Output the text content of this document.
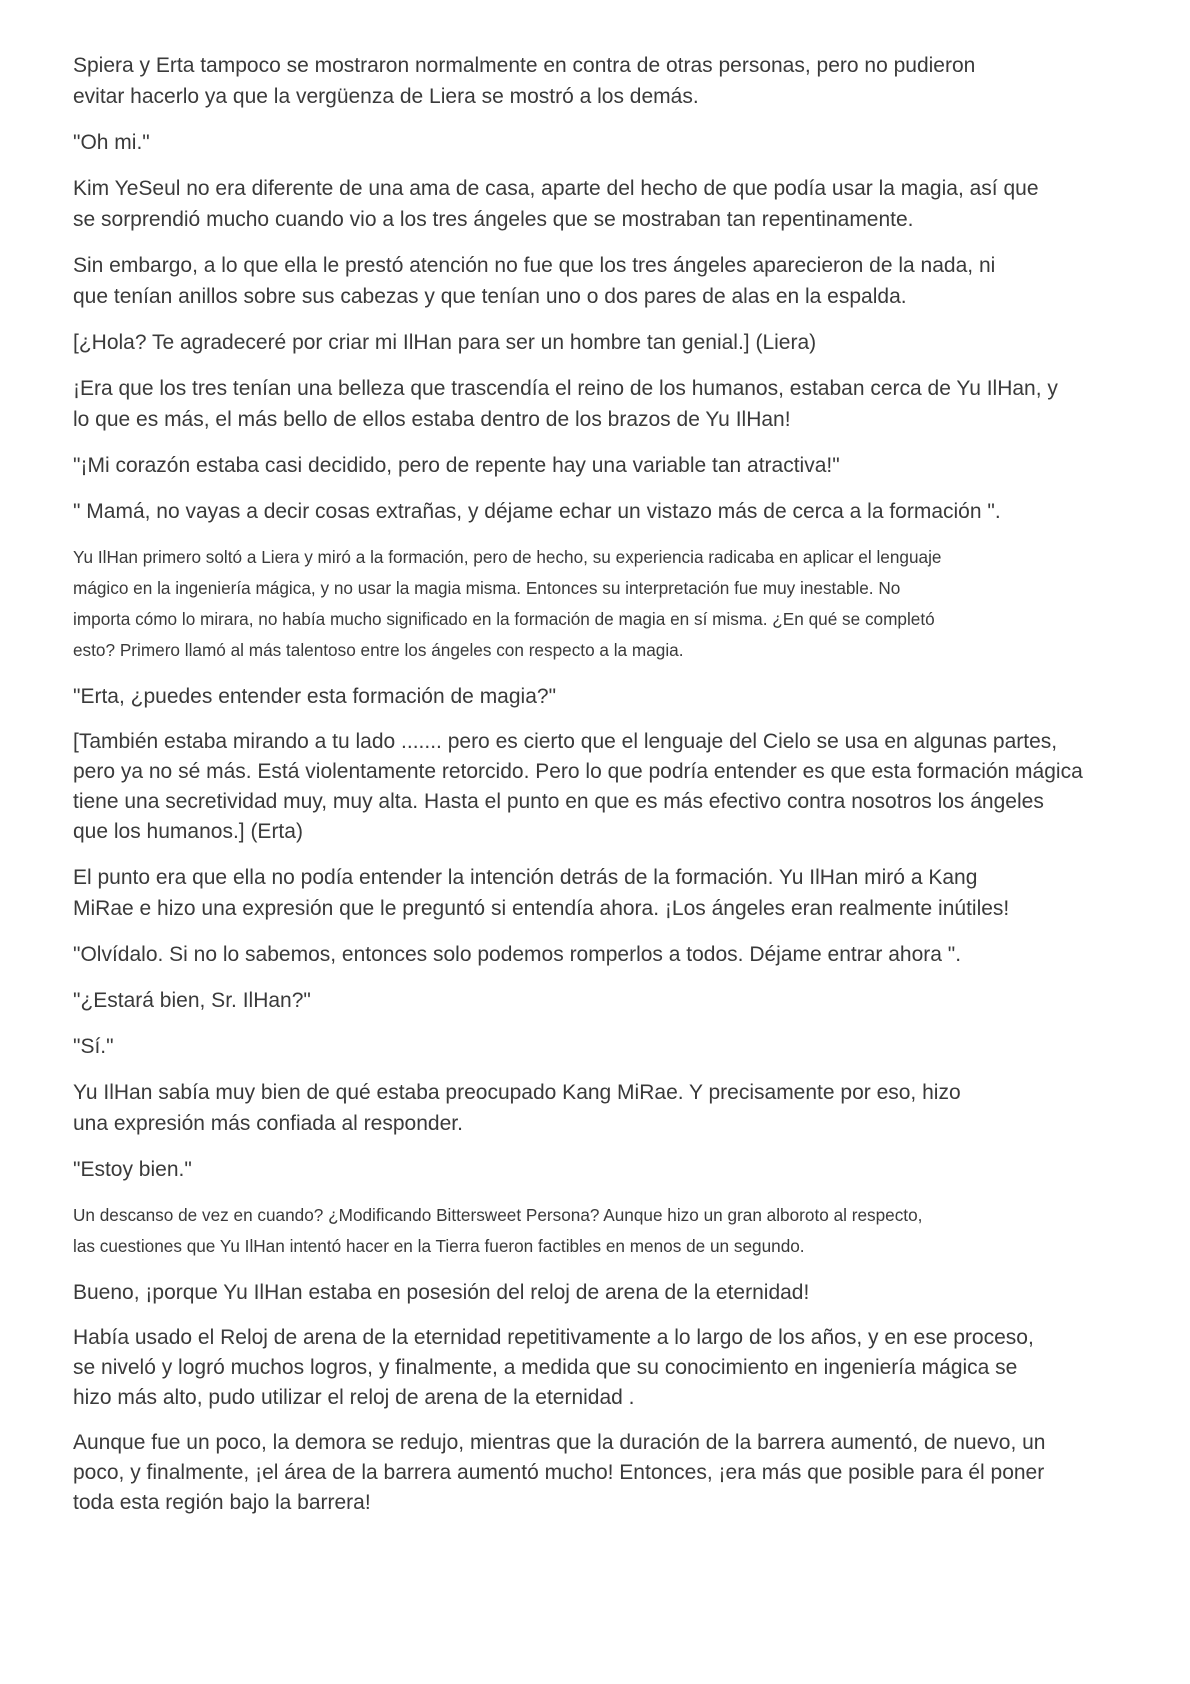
Spiera y Erta tampoco se mostraron normalmente en contra de otras personas, pero no pudieron
evitar hacerlo ya que la vergüenza de Liera se mostró a los demás.

"Oh mi."

Kim YeSeul no era diferente de una ama de casa, aparte del hecho de que podía usar la magia, así que
se sorprendió mucho cuando vio a los tres ángeles que se mostraban tan repentinamente.

Sin embargo, a lo que ella le prestó atención no fue que los tres ángeles aparecieron de la nada, ni
que tenían anillos sobre sus cabezas y que tenían uno o dos pares de alas en la espalda.

[¿Hola? Te agradeceré por criar mi IlHan para ser un hombre tan genial.] (Liera)

¡Era que los tres tenían una belleza que trascendía el reino de los humanos, estaban cerca de Yu IlHan, y
lo que es más, el más bello de ellos estaba dentro de los brazos de Yu IlHan!

"¡Mi corazón estaba casi decidido, pero de repente hay una variable tan atractiva!"

" Mamá, no vayas a decir cosas extrañas, y déjame echar un vistazo más de cerca a la formación ".

Yu IlHan primero soltó a Liera y miró a la formación, pero de hecho, su experiencia radicaba en aplicar el lenguaje
mágico en la ingeniería mágica, y no usar la magia misma. Entonces su interpretación fue muy inestable. No
importa cómo lo mirara, no había mucho significado en la formación de magia en sí misma. ¿En qué se completó
esto? Primero llamó al más talentoso entre los ángeles con respecto a la magia.

"Erta, ¿puedes entender esta formación de magia?"

[También estaba mirando a tu lado ....... pero es cierto que el lenguaje del Cielo se usa en algunas partes,
pero ya no sé más. Está violentamente retorcido. Pero lo que podría entender es que esta formación mágica
tiene una secretividad muy, muy alta. Hasta el punto en que es más efectivo contra nosotros los ángeles
que los humanos.] (Erta)

El punto era que ella no podía entender la intención detrás de la formación. Yu IlHan miró a Kang
MiRae e hizo una expresión que le preguntó si entendía ahora. ¡Los ángeles eran realmente inútiles!

"Olvídalo. Si no lo sabemos, entonces solo podemos romperlos a todos. Déjame entrar ahora ".

"¿Estará bien, Sr. IlHan?"

"Sí."

Yu IlHan sabía muy bien de qué estaba preocupado Kang MiRae. Y precisamente por eso, hizo
una expresión más confiada al responder.

"Estoy bien."

Un descanso de vez en cuando? ¿Modificando Bittersweet Persona? Aunque hizo un gran alboroto al respecto,
las cuestiones que Yu IlHan intentó hacer en la Tierra fueron factibles en menos de un segundo.

Bueno, ¡porque Yu IlHan estaba en posesión del reloj de arena de la eternidad!

Había usado el Reloj de arena de la eternidad repetitivamente a lo largo de los años, y en ese proceso,
se niveló y logró muchos logros, y finalmente, a medida que su conocimiento en ingeniería mágica se
hizo más alto, pudo utilizar el reloj de arena de la eternidad .

Aunque fue un poco, la demora se redujo, mientras que la duración de la barrera aumentó, de nuevo, un
poco, y finalmente, ¡el área de la barrera aumentó mucho! Entonces, ¡era más que posible para él poner
toda esta región bajo la barrera!
